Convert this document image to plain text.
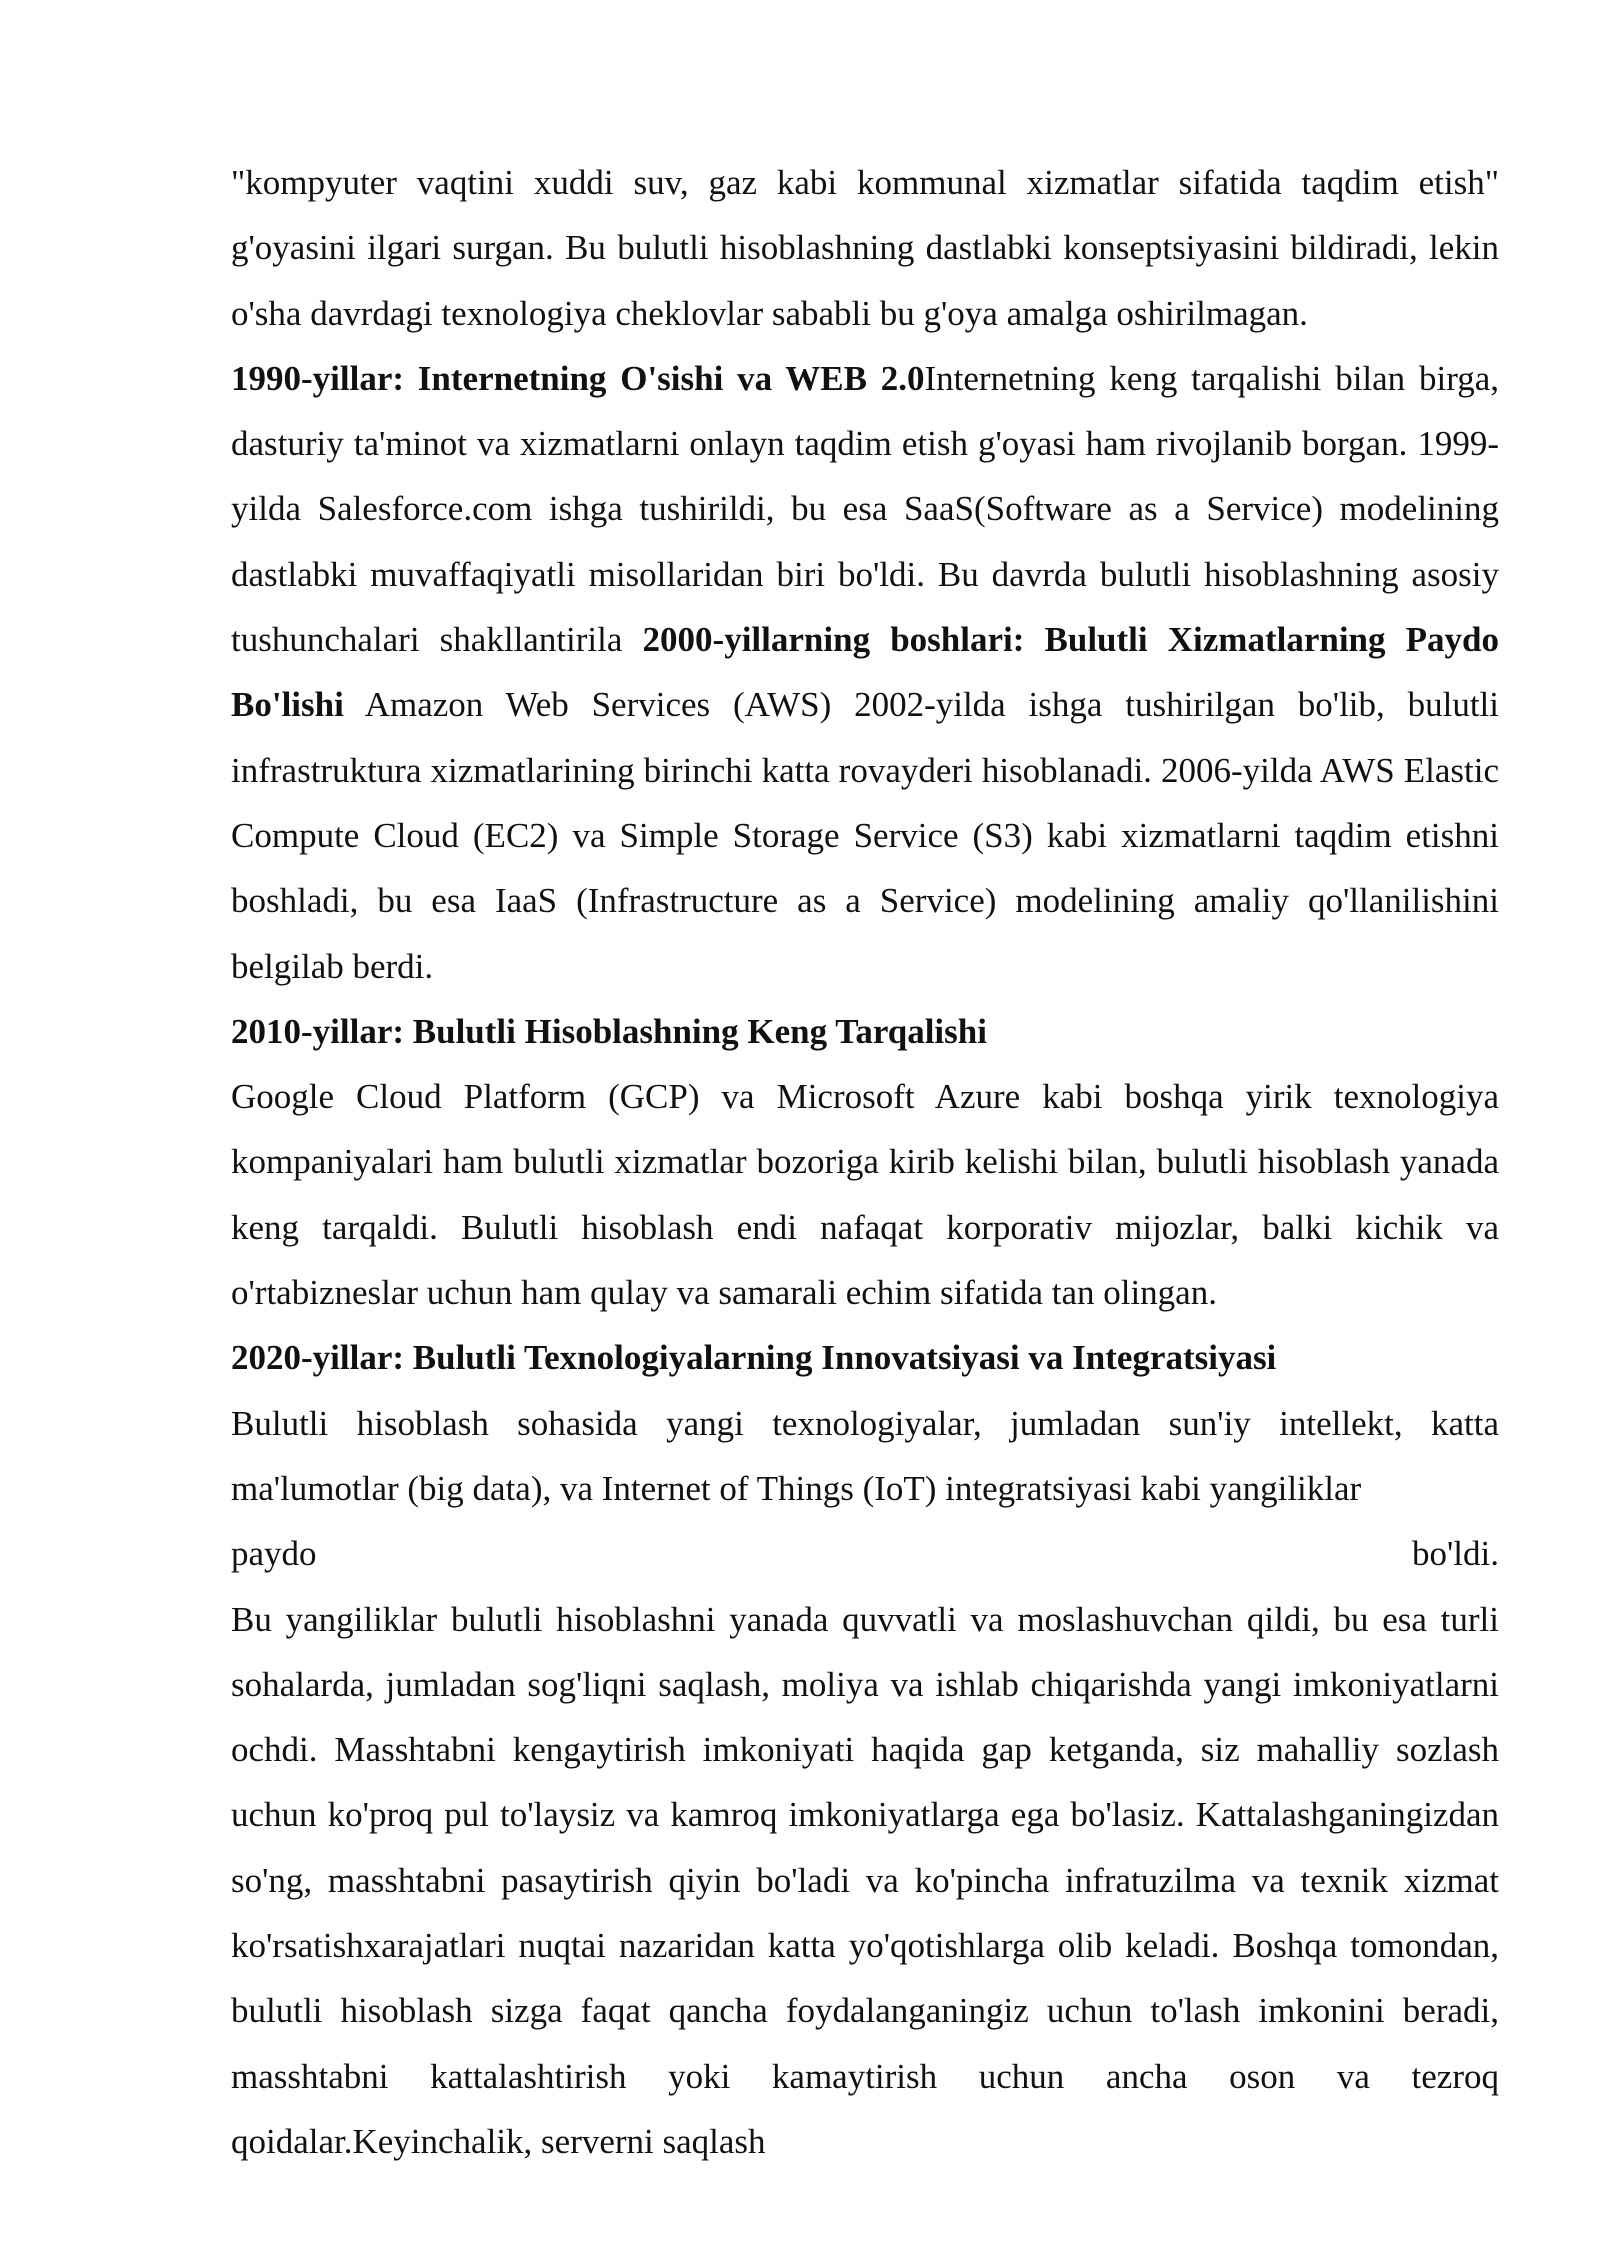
"kompyuter vaqtini xuddi suv, gaz kabi kommunal xizmatlar sifatida taqdim etish" g'oyasini ilgari surgan. Bu bulutli hisoblashning dastlabki konseptsiyasini bildiradi, lekin o'sha davrdagi texnologiya cheklovlar sababli bu g'oya amalga oshirilmagan.

1990-yillar: Internetning O'sishi va WEB 2.0Internetning keng tarqalishi bilan birga, dasturiy ta'minot va xizmatlarni onlayn taqdim etish g'oyasi ham rivojlanib borgan. 1999-yilda Salesforce.com ishga tushirildi, bu esa SaaS(Software as a Service) modelining dastlabki muvaffaqiyatli misollaridan biri bo'ldi. Bu davrda bulutli hisoblashning asosiy tushunchalari shakllantirila 2000-yillarning boshlari: Bulutli Xizmatlarning Paydo Bo'lishi Amazon Web Services (AWS) 2002-yilda ishga tushirilgan bo'lib, bulutli infrastruktura xizmatlarining birinchi katta rovayderi hisoblanadi. 2006-yilda AWS Elastic Compute Cloud (EC2) va Simple Storage Service (S3) kabi xizmatlarni taqdim etishni boshladi, bu esa IaaS (Infrastructure as a Service) modelining amaliy qo'llanilishini belgilab berdi.

2010-yillar: Bulutli Hisoblashning Keng Tarqalishi

Google Cloud Platform (GCP) va Microsoft Azure kabi boshqa yirik texnologiya kompaniyalari ham bulutli xizmatlar bozoriga kirib kelishi bilan, bulutli hisoblash yanada keng tarqaldi. Bulutli hisoblash endi nafaqat korporativ mijozlar, balki kichik va o'rtabizneslar uchun ham qulay va samarali echim sifatida tan olingan.

2020-yillar: Bulutli Texnologiyalarning Innovatsiyasi va Integratsiyasi

Bulutli hisoblash sohasida yangi texnologiyalar, jumladan sun'iy intellekt, katta ma'lumotlar (big data), va Internet of Things (IoT) integratsiyasi kabi yangiliklar

paydo	bo'ldi.

Bu yangiliklar bulutli hisoblashni yanada quvvatli va moslashuvchan qildi, bu esa turli sohalarda, jumladan sog'liqni saqlash, moliya va ishlab chiqarishda yangi imkoniyatlarni ochdi. Masshtabni kengaytirish imkoniyati haqida gap ketganda, siz mahalliy sozlash uchun ko'proq pul to'laysiz va kamroq imkoniyatlarga ega bo'lasiz. Kattalashganingizdan so'ng, masshtabni pasaytirish qiyin bo'ladi va ko'pincha infratuzilma va texnik xizmat ko'rsatishxarajatlari nuqtai nazaridan katta yo'qotishlarga olib keladi. Boshqa tomondan, bulutli hisoblash sizga faqat qancha foydalanganingiz uchun to'lash imkonini beradi, masshtabni kattalashtirish yoki kamaytirish uchun ancha oson va tezroq qoidalar.Keyinchalik, serverni saqlash
